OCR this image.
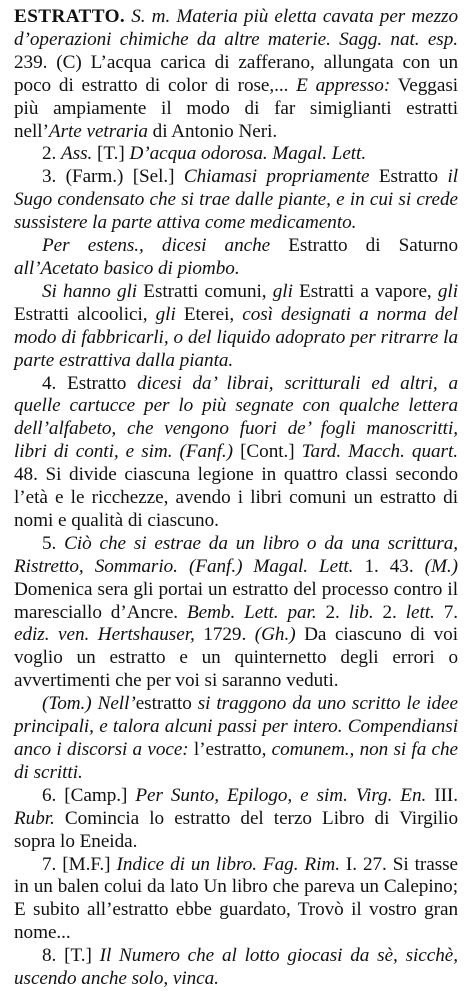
ESTRATTO. S. m. Materia più eletta cavata per mezzo d’operazioni chimiche da altre materie. Sagg. nat. esp. 239. (C) L’acqua carica di zafferano, allungata con un poco di estratto di color di rose,... E appresso: Veggasi più ampiamente il modo di far simiglianti estratti nell’Arte vetraria di Antonio Neri.

2. Ass. [T.] D’acqua odorosa. Magal. Lett.

3. (Farm.) [Sel.] Chiamasi propriamente Estratto il Sugo condensato che si trae dalle piante, e in cui si crede sussistere la parte attiva come medicamento.

Per estens., dicesi anche Estratto di Saturno all’Acetato basico di piombo.

Si hanno gli Estratti comuni, gli Estratti a vapore, gli Estratti alcoolici, gli Eterei, così designati a norma del modo di fabbricarli, o del liquido adoprato per ritrarre la parte estrattiva dalla pianta.

4. Estratto dicesi da’ librai, scritturali ed altri, a quelle cartucce per lo più segnate con qualche lettera dell’alfabeto, che vengono fuori de’ fogli manoscritti, libri di conti, e sim. (Fanf.) [Cont.] Tard. Macch. quart. 48. Si divide ciascuna legione in quattro classi secondo l’età e le ricchezze, avendo i libri comuni un estratto di nomi e qualità di ciascuno.

5. Ciò che si estrae da un libro o da una scrittura, Ristretto, Sommario. (Fanf.) Magal. Lett. 1. 43. (M.) Domenica sera gli portai un estratto del processo contro il maresciallo d’Ancre. Bemb. Lett. par. 2. lib. 2. lett. 7. ediz. ven. Hertshauser, 1729. (Gh.) Da ciascuno di voi voglio un estratto e un quinternetto degli errori o avvertimenti che per voi si saranno veduti.

(Tom.) Nell’estratto si traggono da uno scritto le idee principali, e talora alcuni passi per intero. Compendiansi anco i discorsi a voce: l’estratto, comunem., non si fa che di scritti.

6. [Camp.] Per Sunto, Epilogo, e sim. Virg. En. III. Rubr. Comincia lo estratto del terzo Libro di Virgilio sopra lo Eneida.

7. [M.F.] Indice di un libro. Fag. Rim. I. 27. Si trasse in un balen colui da lato Un libro che pareva un Calepino; E subito all’estratto ebbe guardato, Trovò il vostro gran nome...

8. [T.] Il Numero che al lotto giocasi da sè, sicchè, uscendo anche solo, vinca.
